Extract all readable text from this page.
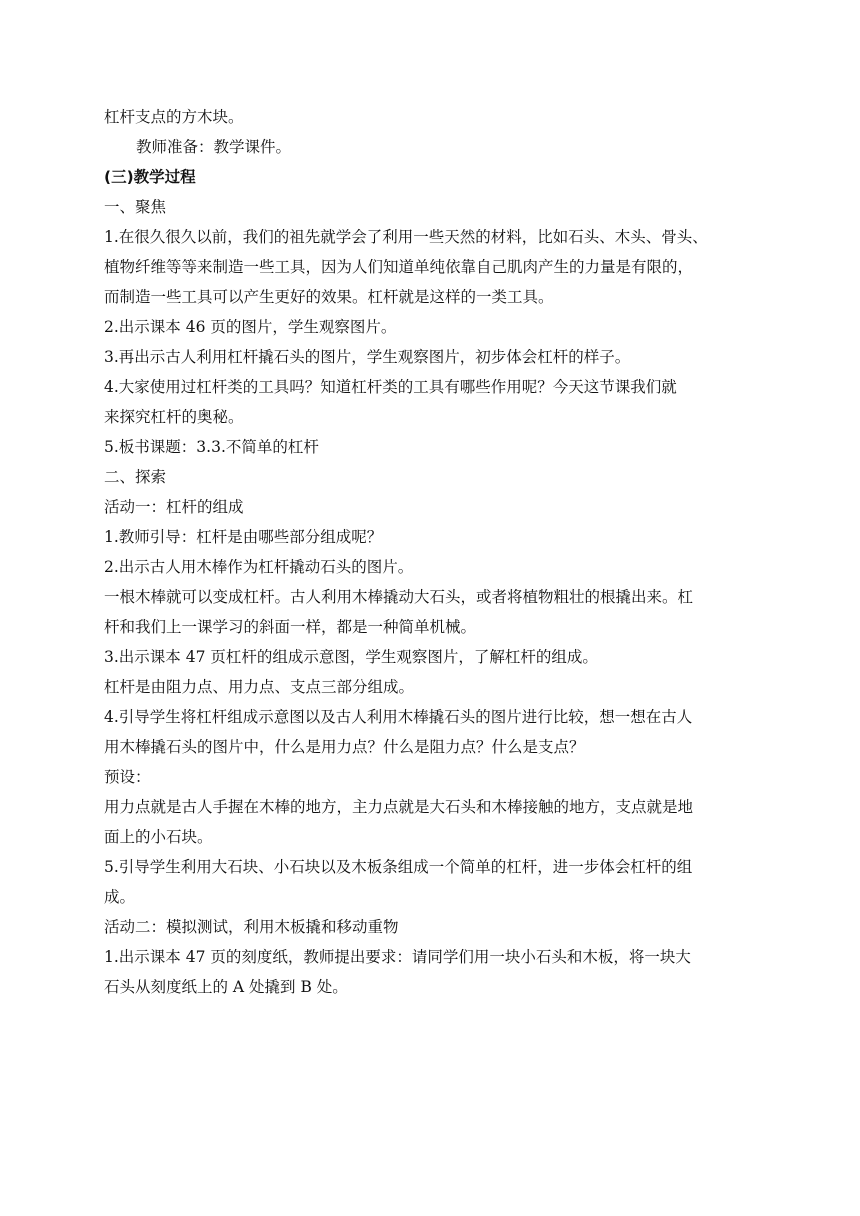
杠杆支点的方木块。
教师准备：教学课件。
(三)教学过程
一、聚焦
1.在很久很久以前，我们的祖先就学会了利用一些天然的材料，比如石头、木头、骨头、
植物纤维等等来制造一些工具，因为人们知道单纯依靠自己肌肉产生的力量是有限的，
而制造一些工具可以产生更好的效果。杠杆就是这样的一类工具。
2.出示课本 46 页的图片，学生观察图片。
3.再出示古人利用杠杆撬石头的图片，学生观察图片，初步体会杠杆的样子。
4.大家使用过杠杆类的工具吗？知道杠杆类的工具有哪些作用呢？今天这节课我们就
来探究杠杆的奥秘。
5.板书课题：3.3.不简单的杠杆
二、探索
活动一：杠杆的组成
1.教师引导：杠杆是由哪些部分组成呢？
2.出示古人用木棒作为杠杆撬动石头的图片。
一根木棒就可以变成杠杆。古人利用木棒撬动大石头，或者将植物粗壮的根撬出来。杠
杆和我们上一课学习的斜面一样，都是一种简单机械。
3.出示课本 47 页杠杆的组成示意图，学生观察图片，了解杠杆的组成。
杠杆是由阻力点、用力点、支点三部分组成。
4.引导学生将杠杆组成示意图以及古人利用木棒撬石头的图片进行比较，想一想在古人
用木棒撬石头的图片中，什么是用力点？什么是阻力点？什么是支点？
预设：
用力点就是古人手握在木棒的地方，主力点就是大石头和木棒接触的地方，支点就是地
面上的小石块。
5.引导学生利用大石块、小石块以及木板条组成一个简单的杠杆，进一步体会杠杆的组
成。
活动二：模拟测试，利用木板撬和移动重物
1.出示课本 47 页的刻度纸，教师提出要求：请同学们用一块小石头和木板，将一块大
石头从刻度纸上的 A 处撬到 B 处。
